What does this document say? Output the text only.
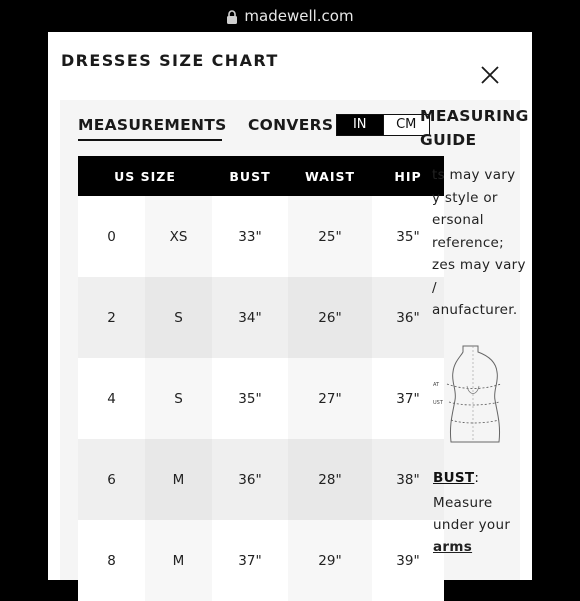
madewell.com
DRESSES SIZE CHART
MEASUREMENTS CONVERS	IN	CM
US SIZE	BUST	WAIST	HIP
0	XS	33"	25"	35"
2	S	34"	26"	36"
4	S	35"	27"	37"
6	M	36"	28"	38"
8	M	37"	29"	39"
MEASURING
GUIDE
ts may vary
y style or
ersonal
reference;
zes may vary
/
anufacturer.
AT
UST
BUST:
Measure
under your
arms
